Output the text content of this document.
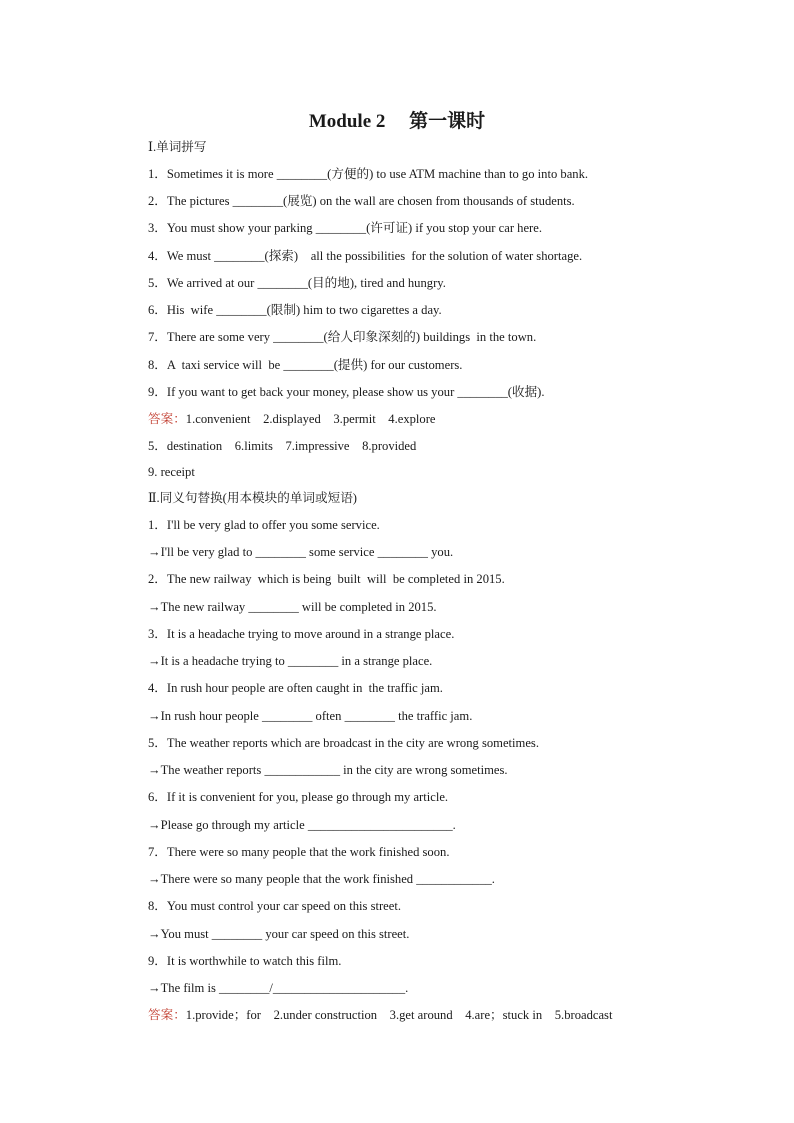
Module 2　 第一课时
Ⅰ.单词拼写
1．Sometimes it is more ________(方便的) to use ATM machine than to go into bank.
2．The pictures ________(展览) on the wall are chosen from thousands of students.
3．You must show your parking ________(许可证) if you stop your car here.
4．We must ________(探索)　all the possibilities  for the solution of water shortage.
5．We arrived at our ________(目的地), tired and hungry.
6．His  wife ________(限制) him to two cigarettes a day.
7．There are some very ________(给人印象深刻的) buildings  in the town.
8．A  taxi service will  be ________(提供) for our customers.
9．If you want to get back your money, please show us your ________(收据).
答案：1.convenient　2.displayed　3.permit　4.explore
5．destination　6.limits　7.impressive　8.provided
9. receipt
Ⅱ.同义句替换(用本模块的单词或短语)
1．I'll be very glad to offer you some service.
→I'll be very glad to ________ some service ________ you.
2．The new railway  which is being  built  will  be completed in 2015.
→The new railway ________ will be completed in 2015.
3．It is a headache trying to move around in a strange place.
→It is a headache trying to ________ in a strange place.
4．In rush hour people are often caught in  the traffic jam.
→In rush hour people ________ often ________ the traffic jam.
5．The weather reports which are broadcast in the city are wrong sometimes.
→The weather reports ____________ in the city are wrong sometimes.
6．If it is convenient for you, please go through my article.
→Please go through my article _______________________.
7．There were so many people that the work finished soon.
→There were so many people that the work finished ____________.
8．You must control your car speed on this street.
→You must ________ your car speed on this street.
9．It is worthwhile to watch this film.
→The film is ________/_____________________.
答案：1.provide；for　2.under construction　3.get around　4.are；stuck in　5.broadcast
